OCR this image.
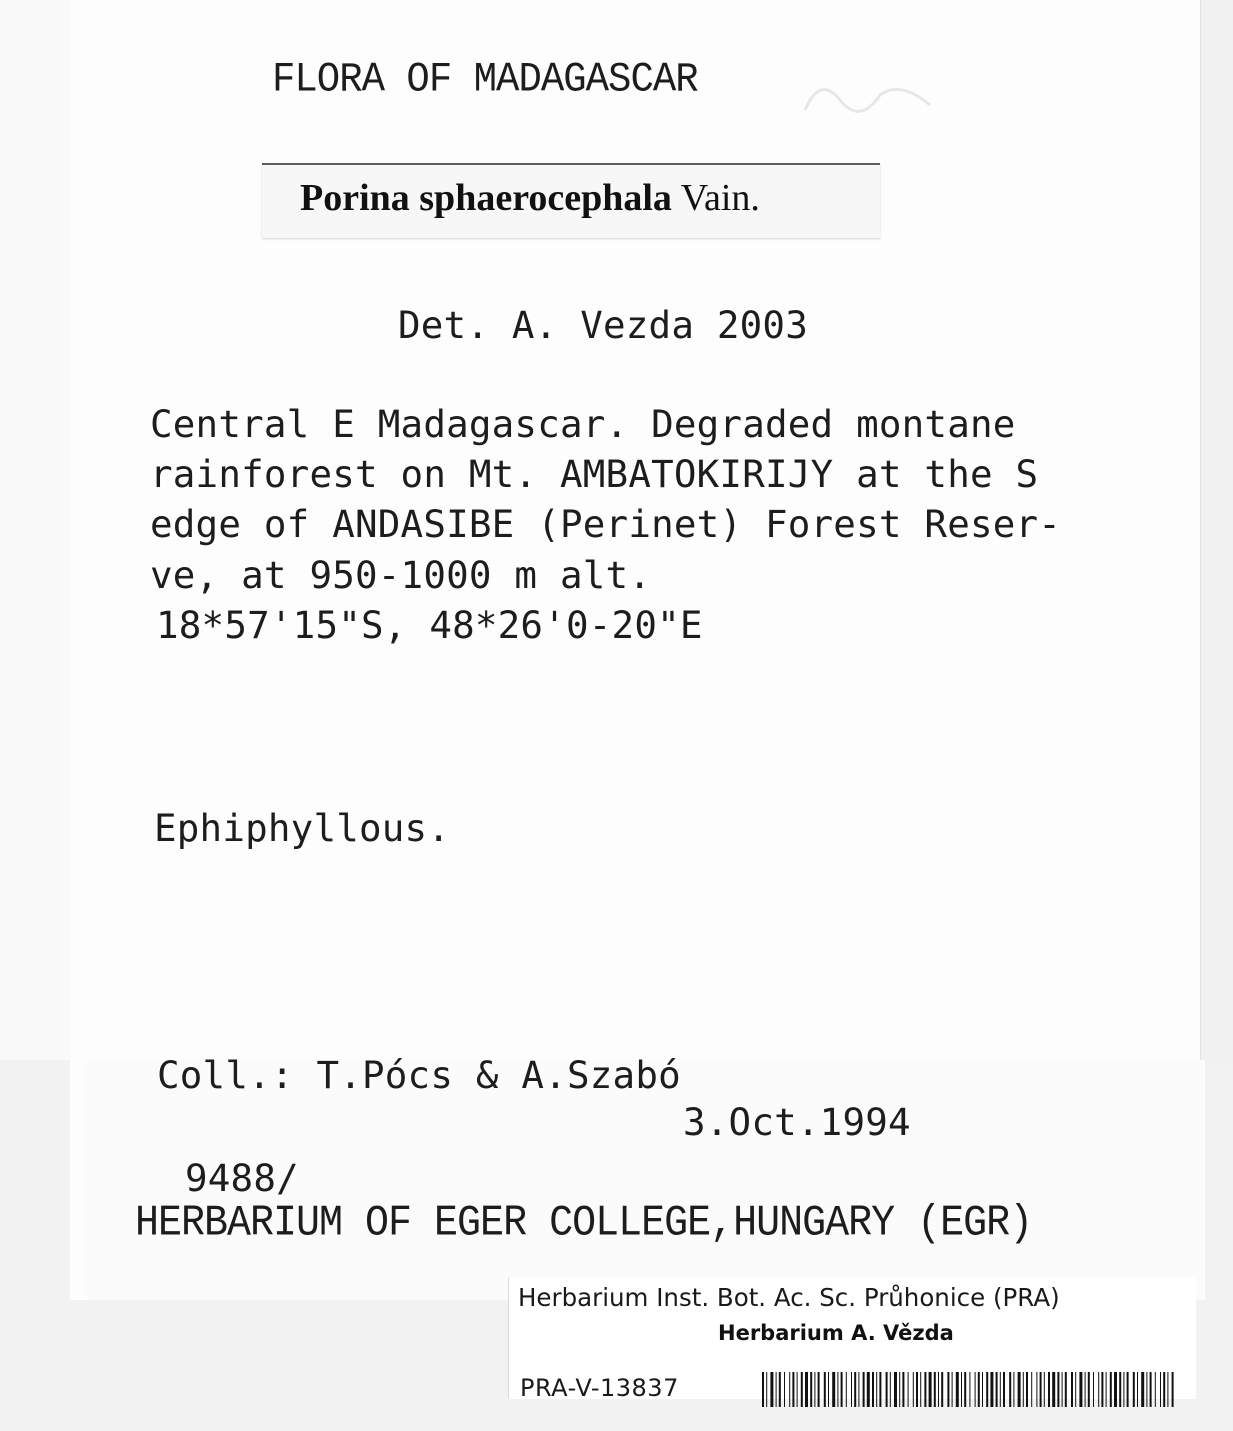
FLORA OF MADAGASCAR
Porina sphaerocephala Vain.
Det. A. Vezda 2003
Central E Madagascar. Degraded montane
rainforest on Mt. AMBATOKIRIJY at the S
edge of ANDASIBE (Perinet) Forest Reser-
ve, at 950-1000 m alt.
18*57'15"S, 48*26'0-20"E
Ephiphyllous.
Coll.: T.Pócs & A.Szabó
3.Oct.1994
9488/
HERBARIUM OF EGER COLLEGE,HUNGARY (EGR)
Herbarium Inst. Bot. Ac. Sc. Průhonice (PRA)
Herbarium A. Vězda
PRA-V-13837
